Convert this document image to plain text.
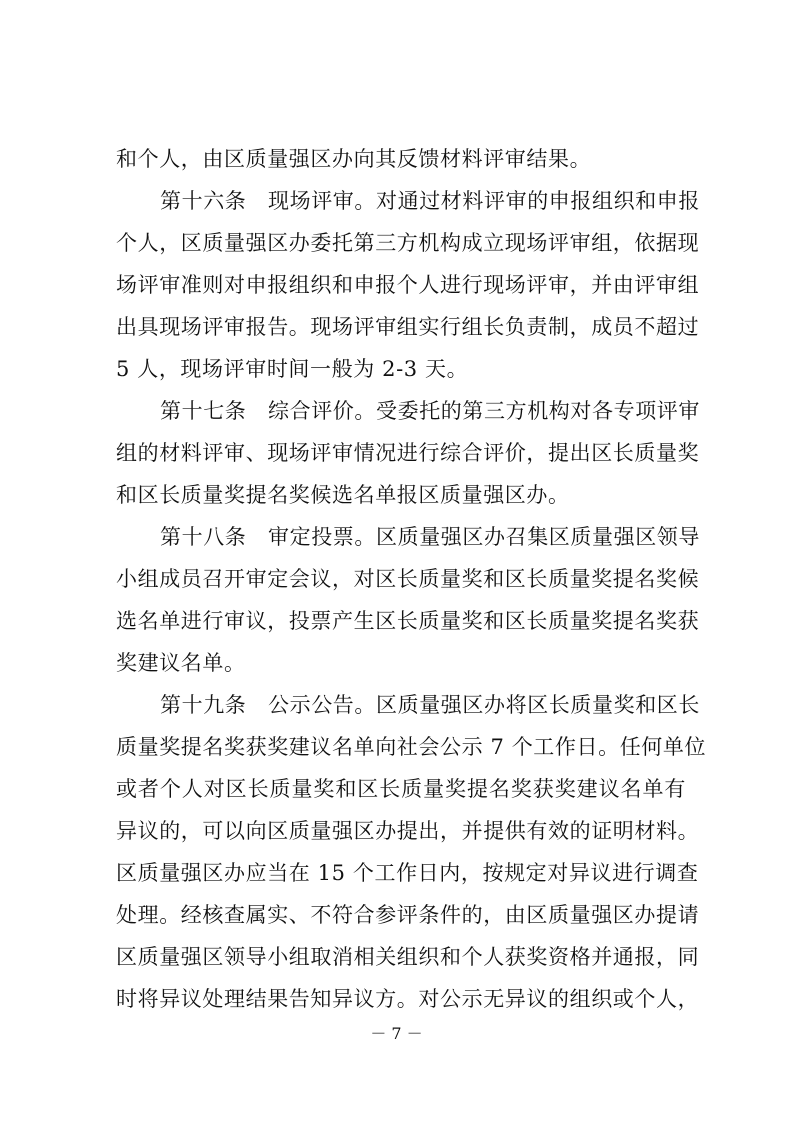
和个人，由区质量强区办向其反馈材料评审结果。
第十六条　现场评审。对通过材料评审的申报组织和申报
个人，区质量强区办委托第三方机构成立现场评审组，依据现
场评审准则对申报组织和申报个人进行现场评审，并由评审组
出具现场评审报告。现场评审组实行组长负责制，成员不超过
5 人，现场评审时间一般为 2-3 天。
第十七条　综合评价。受委托的第三方机构对各专项评审
组的材料评审、现场评审情况进行综合评价，提出区长质量奖
和区长质量奖提名奖候选名单报区质量强区办。
第十八条　审定投票。区质量强区办召集区质量强区领导
小组成员召开审定会议，对区长质量奖和区长质量奖提名奖候
选名单进行审议，投票产生区长质量奖和区长质量奖提名奖获
奖建议名单。
第十九条　公示公告。区质量强区办将区长质量奖和区长
质量奖提名奖获奖建议名单向社会公示 7 个工作日。任何单位
或者个人对区长质量奖和区长质量奖提名奖获奖建议名单有
异议的，可以向区质量强区办提出，并提供有效的证明材料。
区质量强区办应当在 15 个工作日内，按规定对异议进行调查
处理。经核查属实、不符合参评条件的，由区质量强区办提请
区质量强区领导小组取消相关组织和个人获奖资格并通报，同
时将异议处理结果告知异议方。对公示无异议的组织或个人，
－ 7 －
